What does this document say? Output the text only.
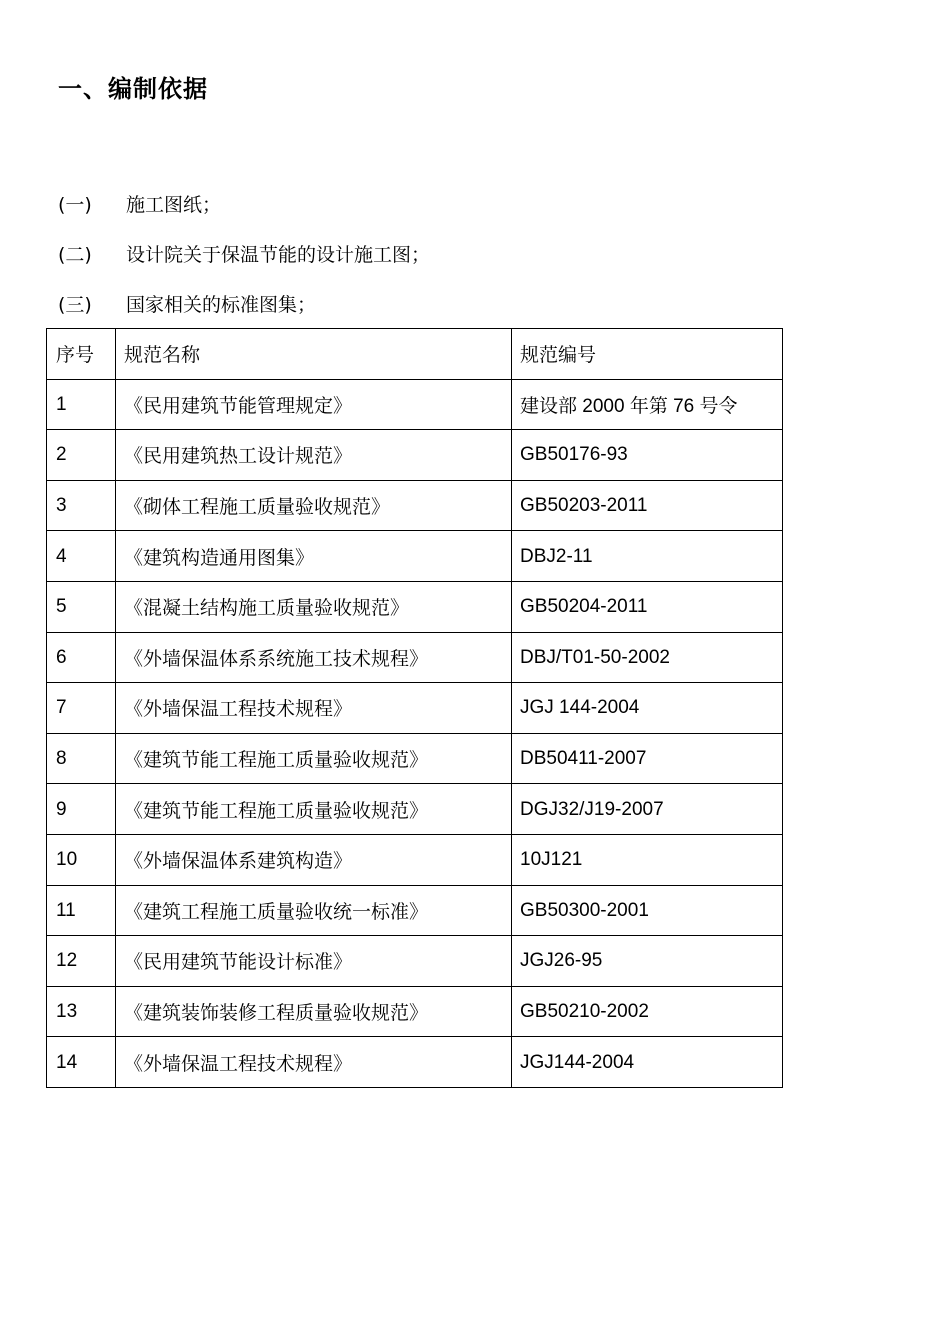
一、编制依据
(一) 施工图纸；
(二) 设计院关于保温节能的设计施工图；
(三) 国家相关的标准图集；
序号	规范名称	规范编号
1	《民用建筑节能管理规定》	建设部 2000 年第 76 号令
2	《民用建筑热工设计规范》	GB50176-93
3	《砌体工程施工质量验收规范》	GB50203-2011
4	《建筑构造通用图集》	DBJ2-11
5	《混凝土结构施工质量验收规范》	GB50204-2011
6	《外墙保温体系系统施工技术规程》	DBJ/T01-50-2002
7	《外墙保温工程技术规程》	JGJ 144-2004
8	《建筑节能工程施工质量验收规范》	DB50411-2007
9	《建筑节能工程施工质量验收规范》	DGJ32/J19-2007
10	《外墙保温体系建筑构造》	10J121
11	《建筑工程施工质量验收统一标准》	GB50300-2001
12	《民用建筑节能设计标准》	JGJ26-95
13	《建筑装饰装修工程质量验收规范》	GB50210-2002
14	《外墙保温工程技术规程》	JGJ144-2004
